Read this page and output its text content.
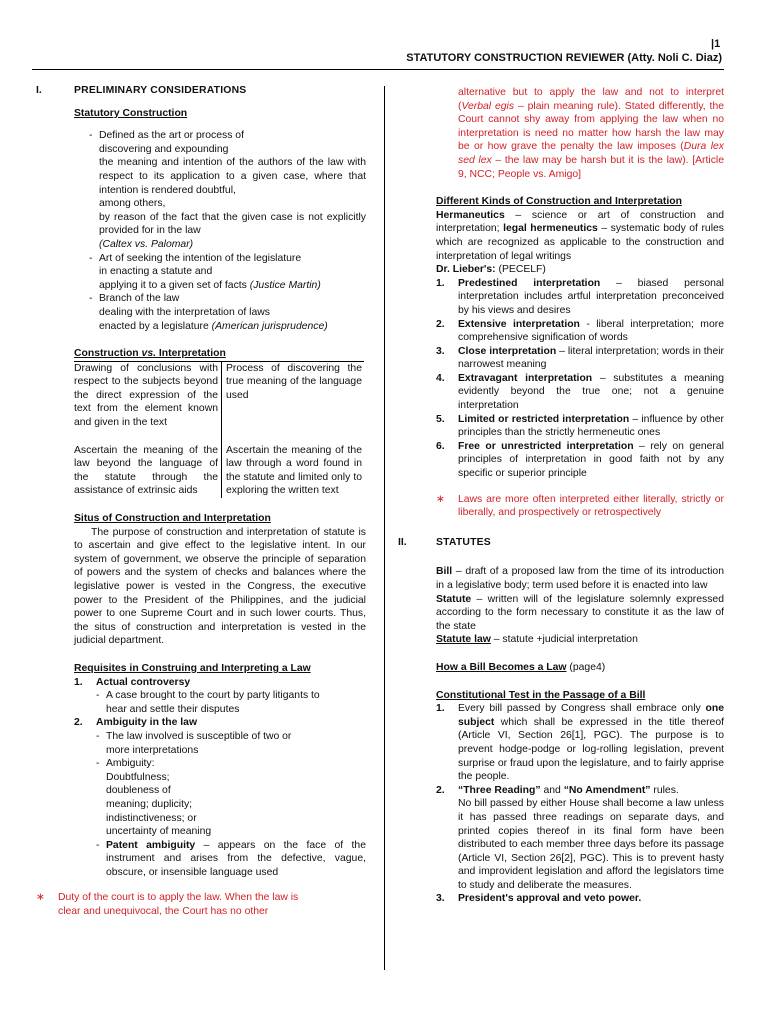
|1
STATUTORY CONSTRUCTION REVIEWER (Atty. Noli C. Diaz)
I.	PRELIMINARY CONSIDERATIONS
Statutory Construction
- Defined as the art or process of
discovering and expounding
the meaning and intention of the authors of the law with respect to its application to a given case, where that intention is rendered doubtful,
among others,
by reason of the fact that the given case is not explicitly provided for in the law
(Caltex vs. Palomar)
- Art of seeking the intention of the legislature
in enacting a statute and
applying it to a given set of facts (Justice Martin)
- Branch of the law
dealing with the interpretation of laws
enacted by a legislature (American jurisprudence)
Construction vs. Interpretation
Drawing of conclusions with respect to the subjects beyond the direct expression of the text from the element known and given in the text	Process of discovering the true meaning of the language used
Ascertain the meaning of the law beyond the language of the statute through the assistance of extrinsic aids	Ascertain the meaning of the law through a word found in the statute and limited only to exploring the written text
Situs of Construction and Interpretation
The purpose of construction and interpretation of statute is to ascertain and give effect to the legislative intent. In our system of government, we observe the principle of separation of powers and the system of checks and balances where the legislative power is vested in the Congress, the executive power to the President of the Philippines, and the judicial power to one Supreme Court and in such lower courts. Thus, the situs of construction and interpretation is vested in the judicial department.
Requisites in Construing and Interpreting a Law
1.	Actual controversy
- A case brought to the court by party litigants to
hear and settle their disputes
2.	Ambiguity in the law
- The law involved is susceptible of two or
more interpretations
- Ambiguity:
Doubtfulness;
doubleness of
meaning; duplicity;
indistinctiveness; or
uncertainty of meaning
- Patent ambiguity – appears on the face of the instrument and arises from the defective, vague, obscure, or insensible language used
∗	Duty of the court is to apply the law. When the law is
clear and unequivocal, the Court has no other
alternative but to apply the law and not to interpret (Verbal egis – plain meaning rule). Stated differently, the Court cannot shy away from applying the law when no interpretation is need no matter how harsh the law may be or how grave the penalty the law imposes (Dura lex sed lex – the law may be harsh but it is the law). [Article 9, NCC; People vs. Amigo]
Different Kinds of Construction and Interpretation
Hermaneutics – science or art of construction and interpretation; legal hermeneutics – systematic body of rules which are recognized as applicable to the construction and interpretation of legal writings
Dr. Lieber's: (PECELF)
1.	Predestined interpretation – biased personal interpretation includes artful interpretation preconceived by his views and desires
2.	Extensive interpretation - liberal interpretation; more comprehensive signification of words
3.	Close interpretation – literal interpretation; words in their narrowest meaning
4.	Extravagant interpretation – substitutes a meaning evidently beyond the true one; not a genuine interpretation
5.	Limited or restricted interpretation – influence by other principles than the strictly hermeneutic ones
6.	Free or unrestricted interpretation – rely on general principles of interpretation in good faith not by any specific or superior principle
∗	Laws are more often interpreted either literally, strictly or liberally, and prospectively or retrospectively
II.	STATUTES
Bill – draft of a proposed law from the time of its introduction in a legislative body; term used before it is enacted into law
Statute – written will of the legislature solemnly expressed according to the form necessary to constitute it as the law of the state
Statute law – statute +judicial interpretation
How a Bill Becomes a Law (page4)
Constitutional Test in the Passage of a Bill
1.	Every bill passed by Congress shall embrace only one subject which shall be expressed in the title thereof (Article VI, Section 26[1], PGC). The purpose is to prevent hodge-podge or log-rolling legislation, prevent surprise or fraud upon the legislature, and to fairly apprise the people.
2.	“Three Reading” and “No Amendment” rules.
No bill passed by either House shall become a law unless it has passed three readings on separate days, and printed copies thereof in its final form have been distributed to each member three days before its passage (Article VI, Section 26[2], PGC). This is to prevent hasty and improvident legislation and afford the legislators time to study and deliberate the measures.
3.	President's approval and veto power.
